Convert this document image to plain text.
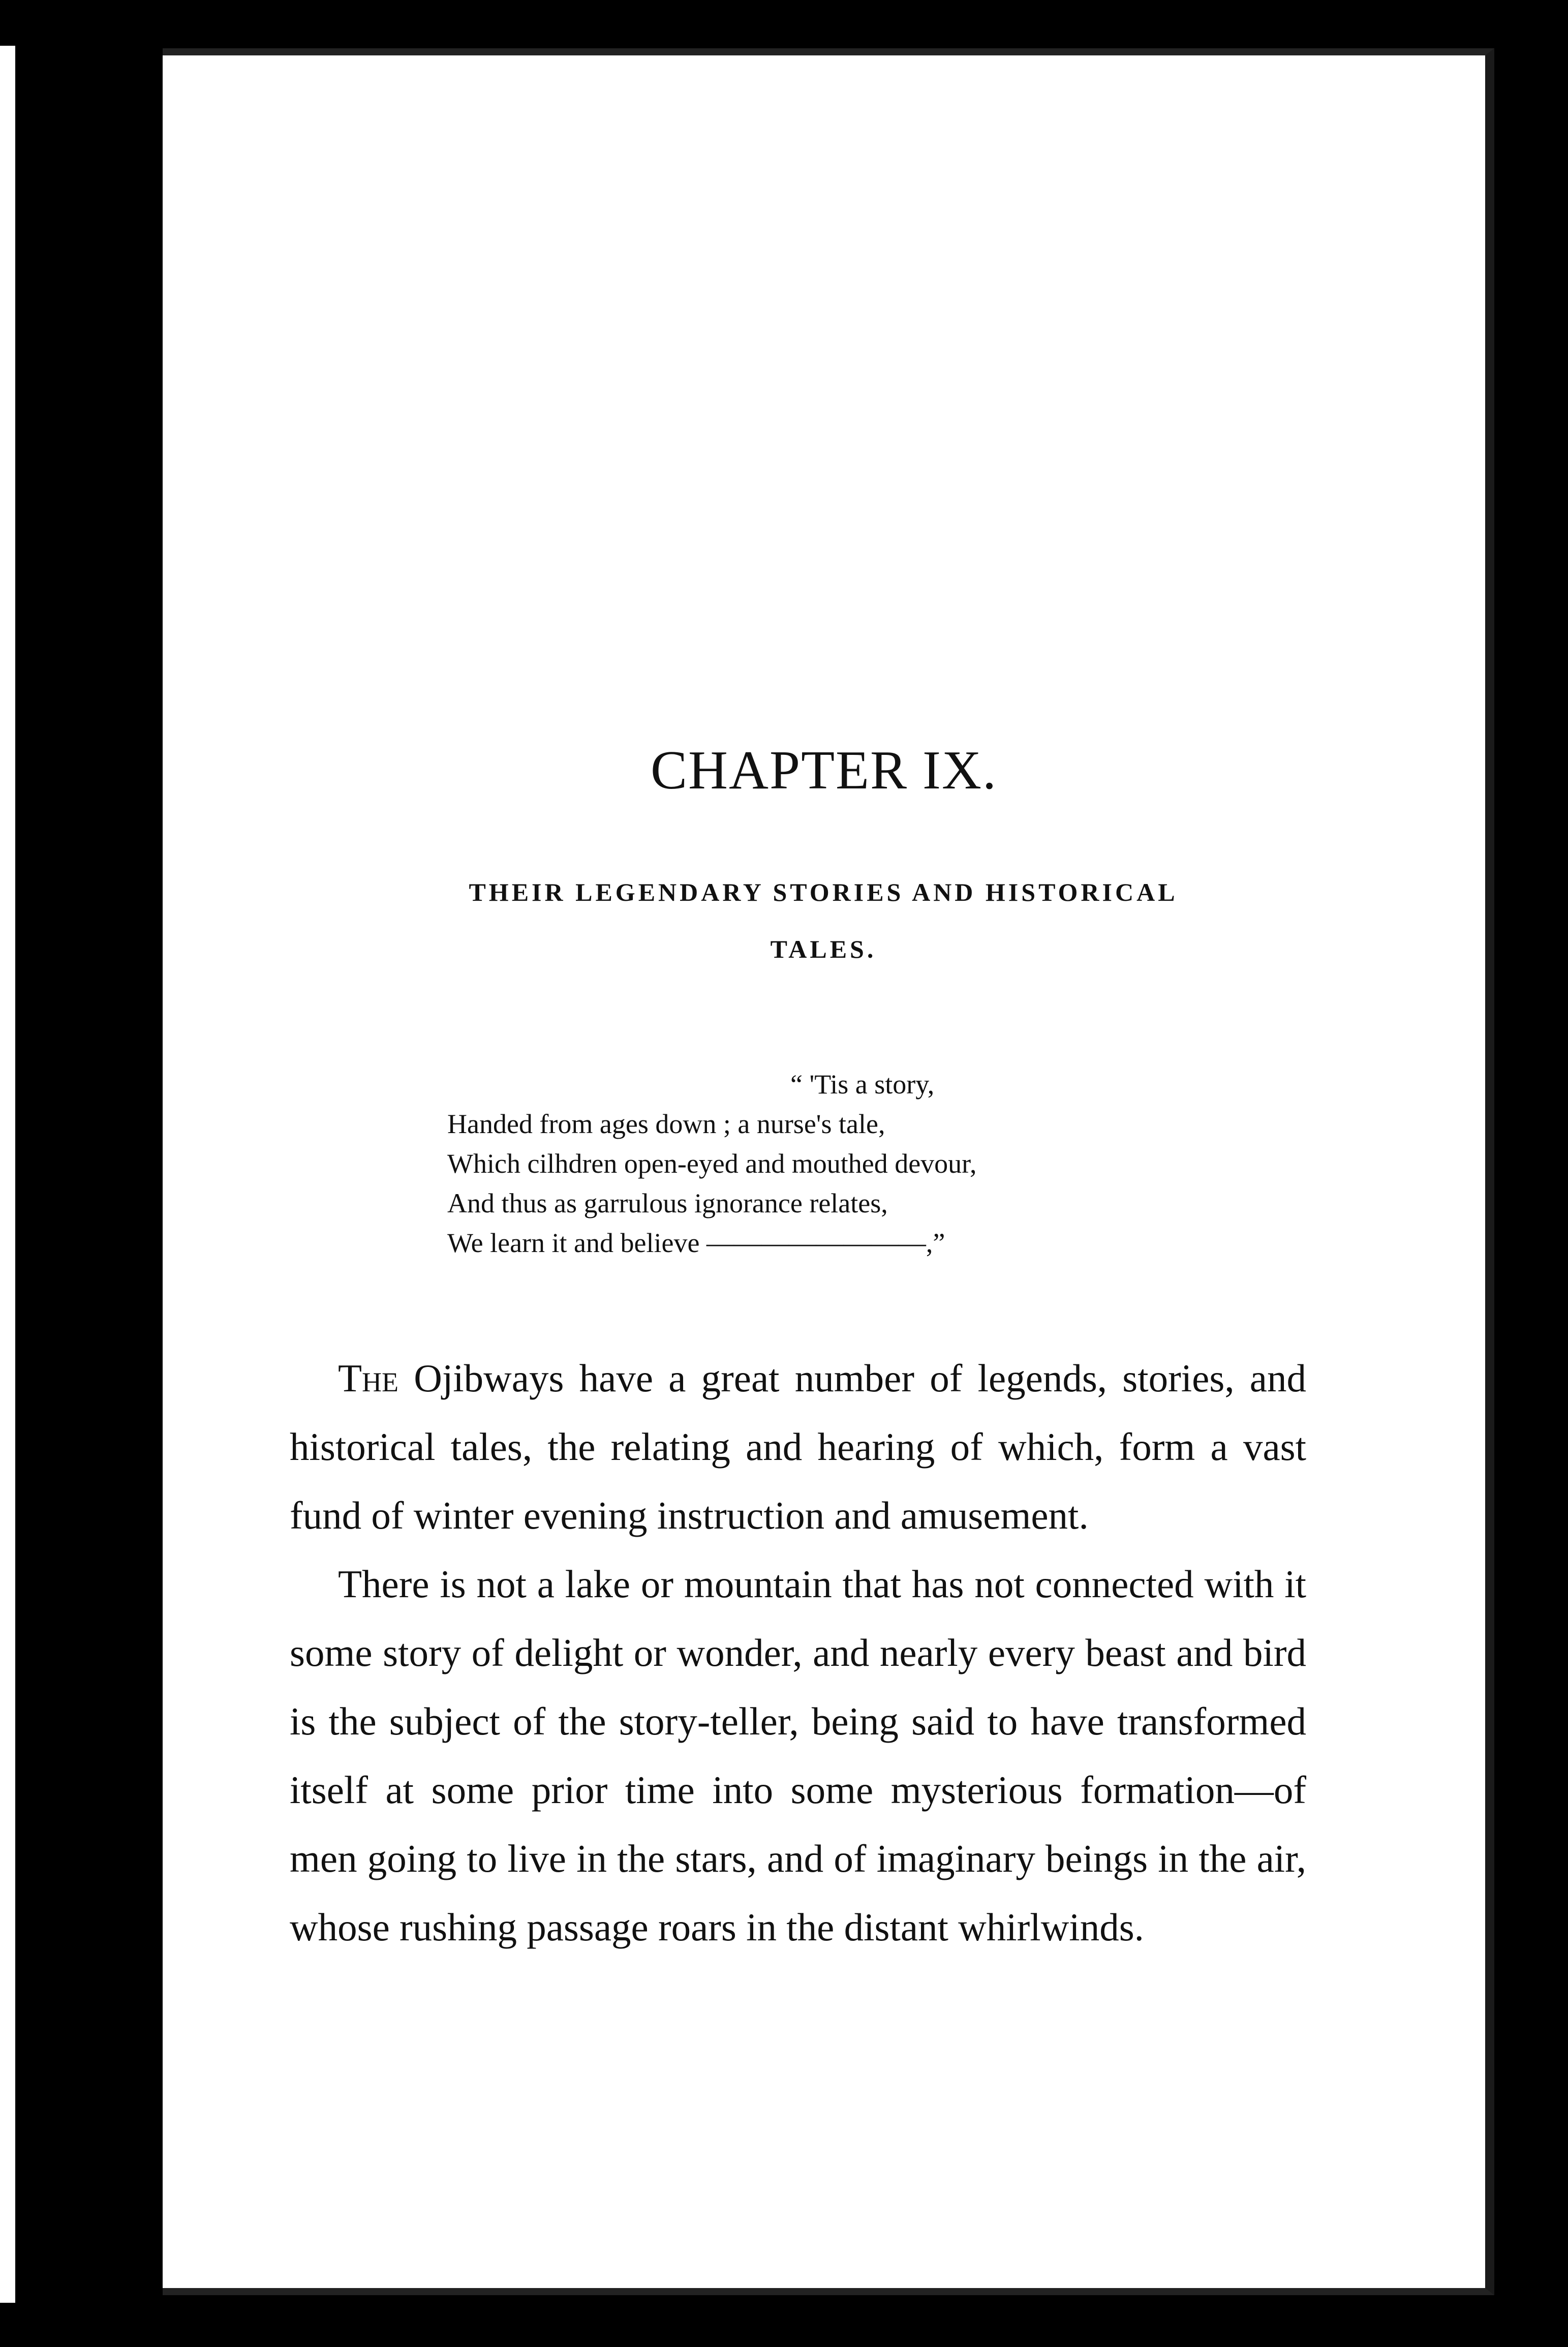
CHAPTER IX.
THEIR LEGENDARY STORIES AND HISTORICAL
TALES.
“ 'Tis a story,
Handed from ages down ; a nurse's tale,
Which cilhdren open-eyed and mouthed devour,
And thus as garrulous ignorance relates,
We learn it and believe ————————,”

The Ojibways have a great number of legends, stories, and historical tales, the relating and hearing of which, form a vast fund of winter evening instruction and amusement.

There is not a lake or mountain that has not connected with it some story of delight or wonder, and nearly every beast and bird is the subject of the story-teller, being said to have transformed itself at some prior time into some mysterious formation—of men going to live in the stars, and of imaginary beings in the air, whose rushing passage roars in the distant whirlwinds.
